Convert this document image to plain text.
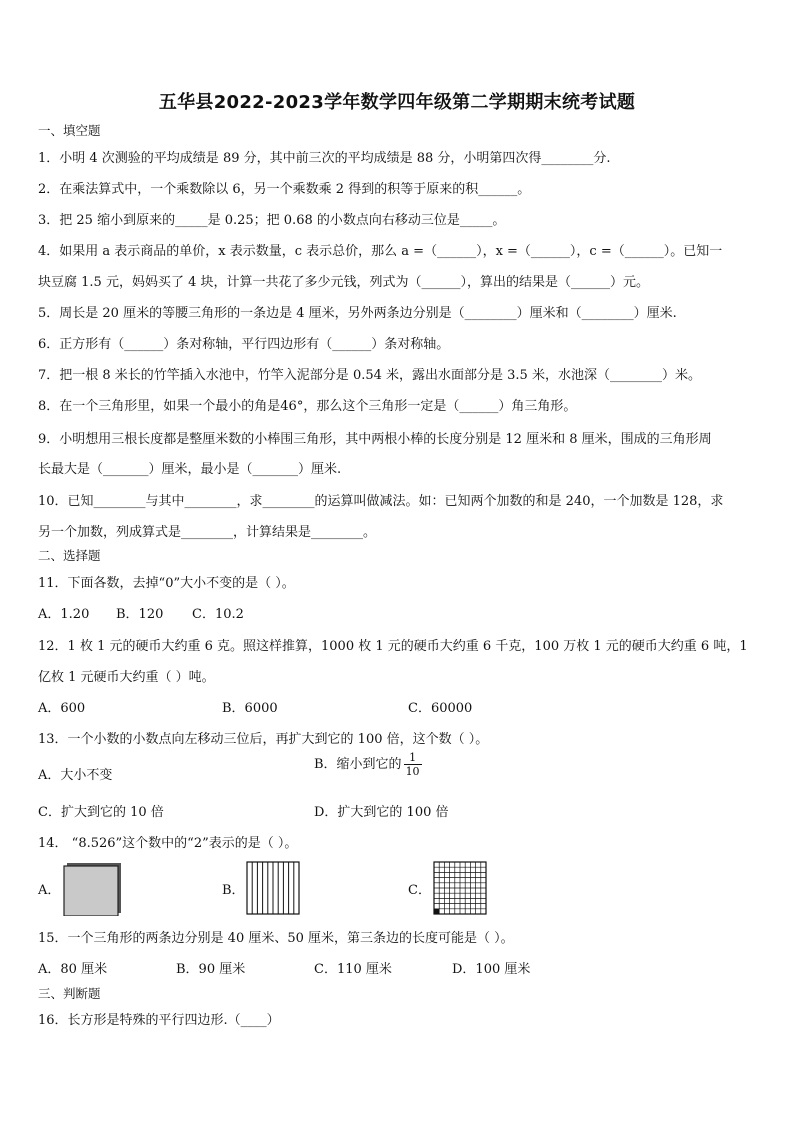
五华县2022-2023学年数学四年级第二学期期末统考试题
一、填空题
1．小明 4 次测验的平均成绩是 89 分，其中前三次的平均成绩是 88 分，小明第四次得________分.
2．在乘法算式中，一个乘数除以 6，另一个乘数乘 2 得到的积等于原来的积______。
3．把 25 缩小到原来的_____是 0.25；把 0.68 的小数点向右移动三位是_____。
4．如果用 a 表示商品的单价，x 表示数量，c 表示总价，那么 a =（______），x =（______），c =（______）。已知一
块豆腐 1.5 元，妈妈买了 4 块，计算一共花了多少元钱，列式为（______），算出的结果是（______）元。
5．周长是 20 厘米的等腰三角形的一条边是 4 厘米，另外两条边分别是（________）厘米和（________）厘米.
6．正方形有（______）条对称轴，平行四边形有（______）条对称轴。
7．把一根 8 米长的竹竿插入水池中，竹竿入泥部分是 0.54 米，露出水面部分是 3.5 米，水池深（________）米。
8．在一个三角形里，如果一个最小的角是46°，那么这个三角形一定是（______）角三角形。
9．小明想用三根长度都是整厘米数的小棒围三角形，其中两根小棒的长度分别是 12 厘米和 8 厘米，围成的三角形周
长最大是（_______）厘米，最小是（_______）厘米.
10．已知________与其中________，求________的运算叫做减法。如：已知两个加数的和是 240，一个加数是 128，求
另一个加数，列成算式是________，计算结果是________。
二、选择题
11．下面各数，去掉“0”大小不变的是（ ）。
A．1.20 B．120 C．10.2
12．1 枚 1 元的硬币大约重 6 克。照这样推算，1000 枚 1 元的硬币大约重 6 千克，100 万枚 1 元的硬币大约重 6 吨，1
亿枚 1 元硬币大约重（ ）吨。
A．600	B．6000	C．60000
13．一个小数的小数点向左移动三位后，再扩大到它的 100 倍，这个数（ ）。
A．大小不变
B．缩小到它的 $\frac{1}{10}$
C．扩大到它的 10 倍	D．扩大到它的 100 倍
14． “8.526”这个数中的“2”表示的是（ ）。
A．	B．	C．
15．一个三角形的两条边分别是 40 厘米、50 厘米，第三条边的长度可能是（ ）。
A．80 厘米	B．90 厘米	C．110 厘米	D．100 厘米
三、判断题
16．长方形是特殊的平行四边形.（____）
